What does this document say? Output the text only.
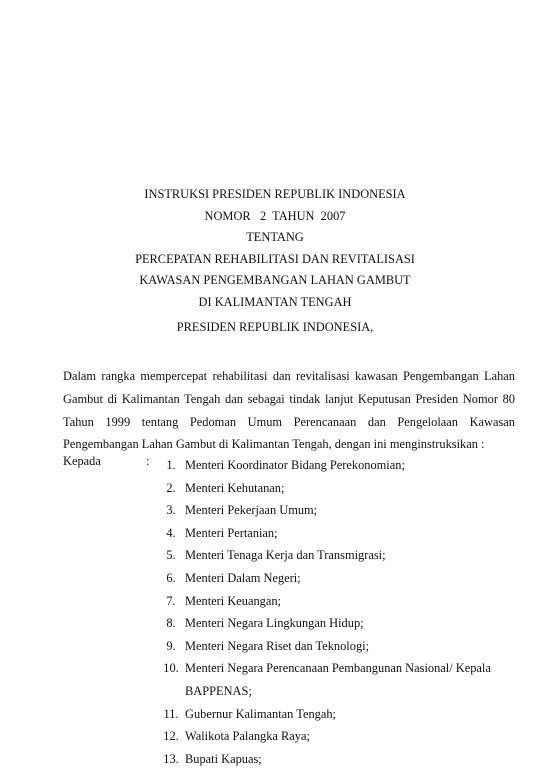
INSTRUKSI PRESIDEN REPUBLIK INDONESIA
NOMOR   2  TAHUN  2007
TENTANG
PERCEPATAN REHABILITASI DAN REVITALISASI
KAWASAN PENGEMBANGAN LAHAN GAMBUT
DI KALIMANTAN TENGAH
PRESIDEN REPUBLIK INDONESIA,
Dalam rangka mempercepat rehabilitasi dan revitalisasi kawasan Pengembangan Lahan Gambut di Kalimantan Tengah dan sebagai tindak lanjut Keputusan Presiden Nomor 80 Tahun 1999 tentang Pedoman Umum Perencanaan dan Pengelolaan Kawasan Pengembangan Lahan Gambut di Kalimantan Tengah, dengan ini menginstruksikan :
Kepada	:	1. Menteri Koordinator Bidang Perekonomian;
2. Menteri Kehutanan;
3. Menteri Pekerjaan Umum;
4. Menteri Pertanian;
5. Menteri Tenaga Kerja dan Transmigrasi;
6. Menteri Dalam Negeri;
7. Menteri Keuangan;
8. Menteri Negara Lingkungan Hidup;
9. Menteri Negara Riset dan Teknologi;
10. Menteri Negara Perencanaan Pembangunan Nasional/ Kepala BAPPENAS;
11. Gubernur Kalimantan Tengah;
12. Walikota Palangka Raya;
13. Bupati Kapuas;
